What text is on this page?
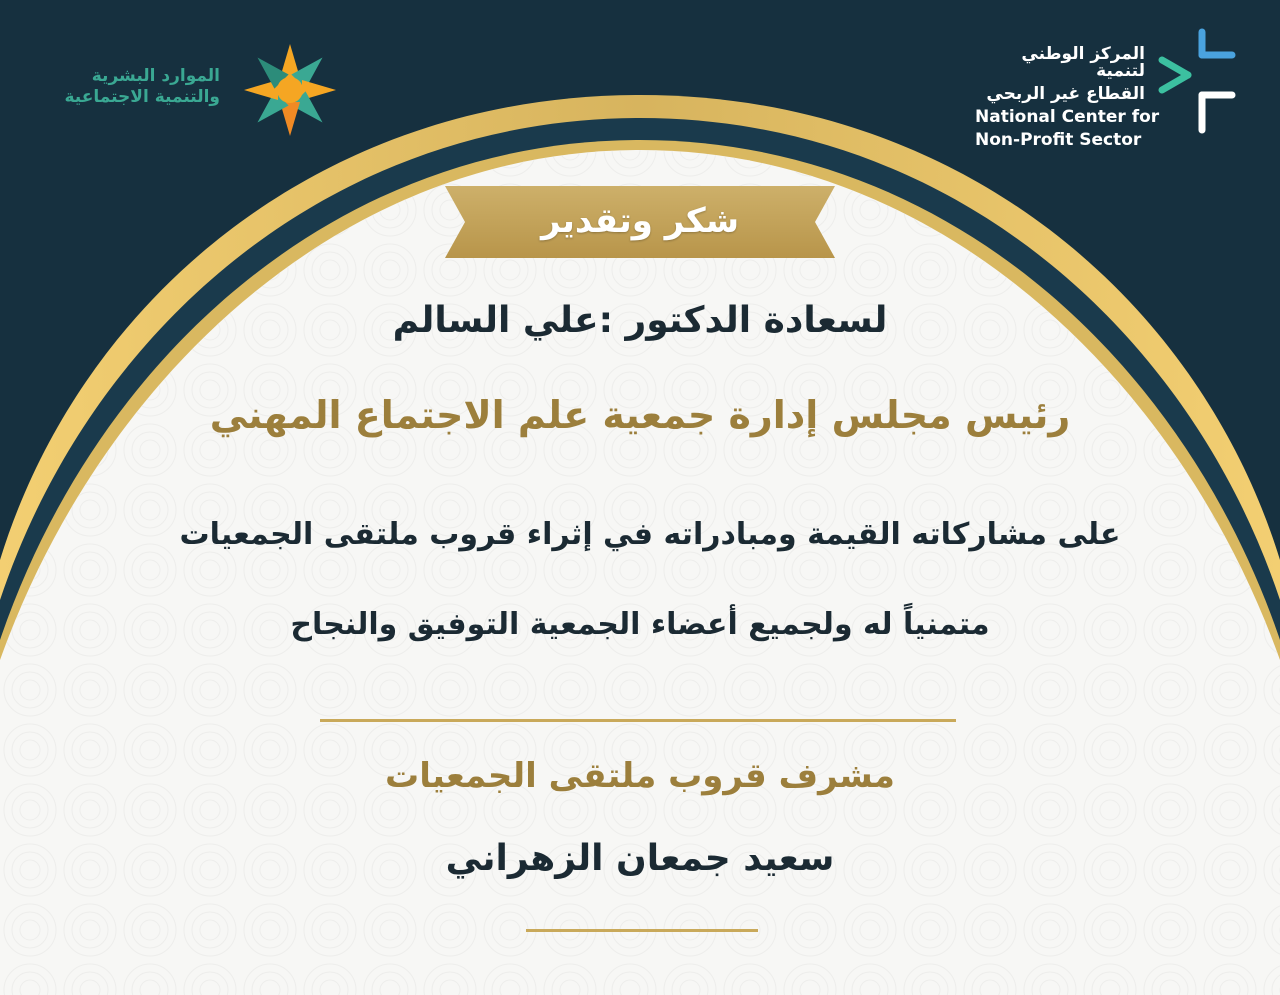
الموارد البشرية
والتنمية الاجتماعية
المركز الوطني لتنمية
القطاع غير الربحي
National Center for
Non-Profit Sector
شكر وتقدير
لسعادة الدكتور :علي السالم
رئيس مجلس إدارة جمعية علم الاجتماع المهني
على مشاركاته القيمة ومبادراته في إثراء قروب ملتقى الجمعيات
متمنياً له ولجميع أعضاء الجمعية التوفيق والنجاح
مشرف قروب ملتقى الجمعيات
سعيد جمعان الزهراني
